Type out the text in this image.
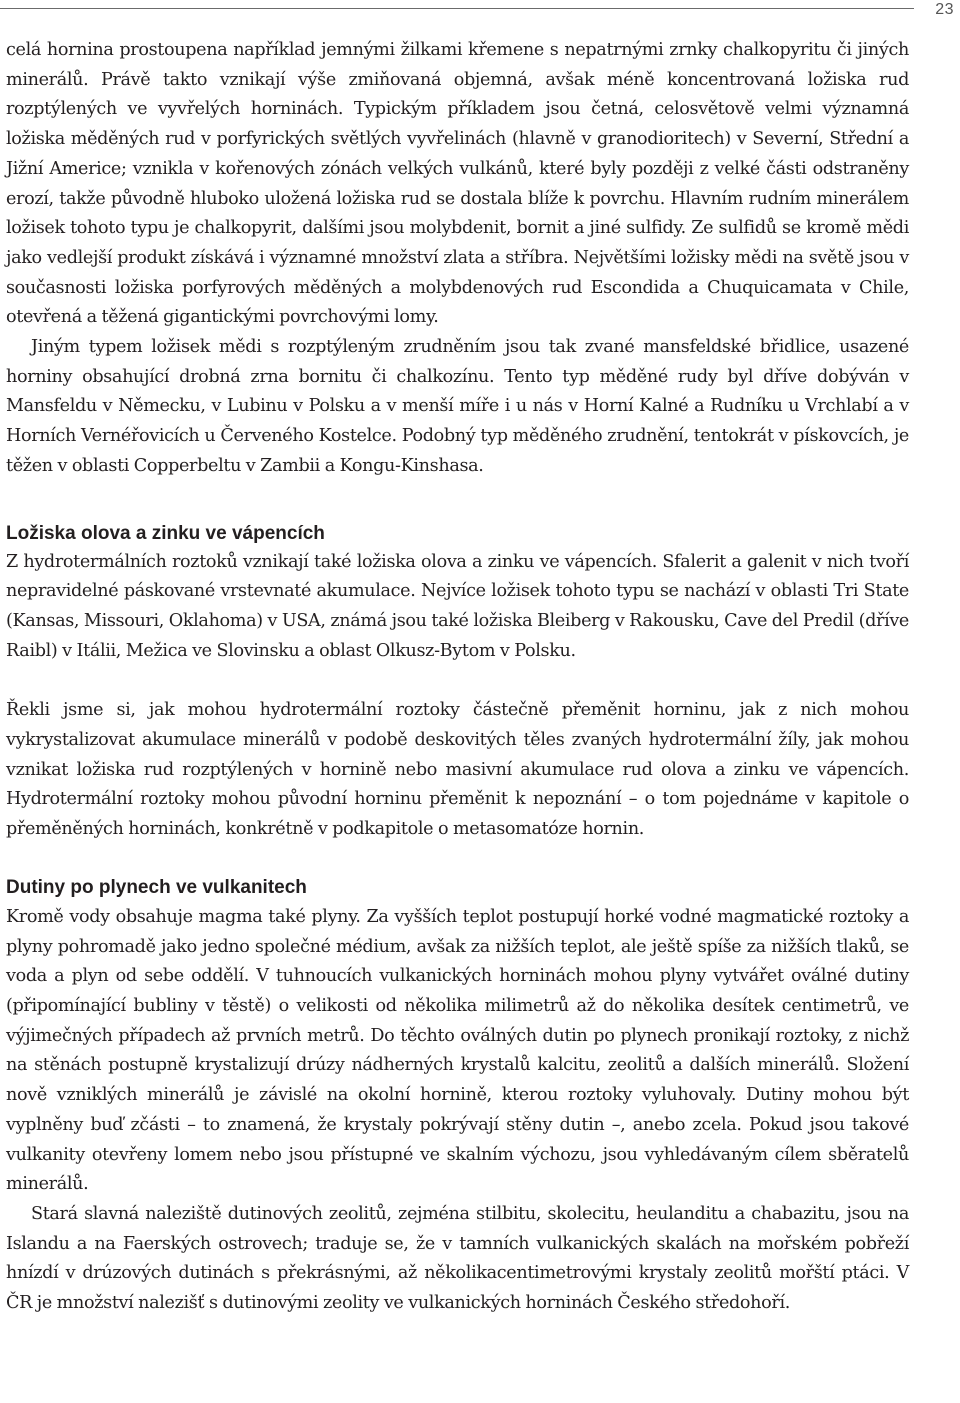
23

celá hornina prostoupena například jemnými žilkami křemene s nepatrnými zrnky chalkopyritu či jiných minerálů. Právě takto vznikají výše zmiňovaná objemná, avšak méně koncentrovaná ložiska rud rozptýlených ve vyvřelých horninách. Typickým příkladem jsou četná, celosvětově velmi významná ložiska měděných rud v porfyrických světlých vyvřelinách (hlavně v granodioritech) v Severní, Střední a Jižní Americe; vznikla v kořenových zónách velkých vulkánů, které byly později z velké části odstraněny erozí, takže původně hluboko uložená ložiska rud se dostala blíže k povrchu. Hlavním rudním minerálem ložisek tohoto typu je chalkopyrit, dalšími jsou molybdenit, bornit a jiné sulfidy. Ze sulfidů se kromě mědi jako vedlejší produkt získává i významné množství zlata a stříbra. Největšími ložisky mědi na světě jsou v současnosti ložiska porfyrových měděných a molybdenových rud Escondida a Chuquicamata v Chile, otevřená a těžená gigantickými povrchovými lomy.

Jiným typem ložisek mědi s rozptýleným zrudněním jsou tak zvané mansfeldské břidlice, usazené horniny obsahující drobná zrna bornitu či chalkozínu. Tento typ měděné rudy byl dříve dobýván v Mansfeldu v Německu, v Lubinu v Polsku a v menší míře i u nás v Horní Kalné a Rudníku u Vrchlabí a v Horních Vernéřovicích u Červeného Kostelce. Podobný typ měděného zrudnění, tentokrát v pískovcích, je těžen v oblasti Copperbeltu v Zambii a Kongu-Kinshasa.

Ložiska olova a zinku ve vápencích

Z hydrotermálních roztoků vznikají také ložiska olova a zinku ve vápencích. Sfalerit a galenit v nich tvoří nepravidelné páskované vrstevnaté akumulace. Nejvíce ložisek tohoto typu se nachází v oblasti Tri State (Kansas, Missouri, Oklahoma) v USA, známá jsou také ložiska Bleiberg v Rakousku, Cave del Predil (dříve Raibl) v Itálii, Mežica ve Slovinsku a oblast Olkusz-Bytom v Polsku.

Řekli jsme si, jak mohou hydrotermální roztoky částečně přeměnit horninu, jak z nich mohou vykrystalizovat akumulace minerálů v podobě deskovitých těles zvaných hydrotermální žíly, jak mohou vznikat ložiska rud rozptýlených v hornině nebo masivní akumulace rud olova a zinku ve vápencích. Hydrotermální roztoky mohou původní horninu přeměnit k nepoznání – o tom pojednáme v kapitole o přeměněných horninách, konkrétně v podkapitole o metasomatóze hornin.

Dutiny po plynech ve vulkanitech

Kromě vody obsahuje magma také plyny. Za vyšších teplot postupují horké vodné magmatické roztoky a plyny pohromadě jako jedno společné médium, avšak za nižších teplot, ale ještě spíše za nižších tlaků, se voda a plyn od sebe oddělí. V tuhnoucích vulkanických horninách mohou plyny vytvářet oválné dutiny (připomínající bubliny v těstě) o velikosti od několika milimetrů až do několika desítek centimetrů, ve výjimečných případech až prvních metrů. Do těchto oválných dutin po plynech pronikají roztoky, z nichž na stěnách postupně krystalizují drúzy nádherných krystalů kalcitu, zeolitů a dalších minerálů. Složení nově vzniklých minerálů je závislé na okolní hornině, kterou roztoky vyluhovaly. Dutiny mohou být vyplněny buď zčásti – to znamená, že krystaly pokrývají stěny dutin –, anebo zcela. Pokud jsou takové vulkanity otevřeny lomem nebo jsou přístupné ve skalním výchozu, jsou vyhledávaným cílem sběratelů minerálů.

Stará slavná naleziště dutinových zeolitů, zejména stilbitu, skolecitu, heulanditu a chabazitu, jsou na Islandu a na Faerských ostrovech; traduje se, že v tamních vulkanických skalách na mořském pobřeží hnízdí v drúzových dutinách s překrásnými, až několikacentimetrovými krystaly zeolitů mořští ptáci. V ČR je množství nalezišť s dutinovými zeolity ve vulkanických horninách Českého středohoří.
